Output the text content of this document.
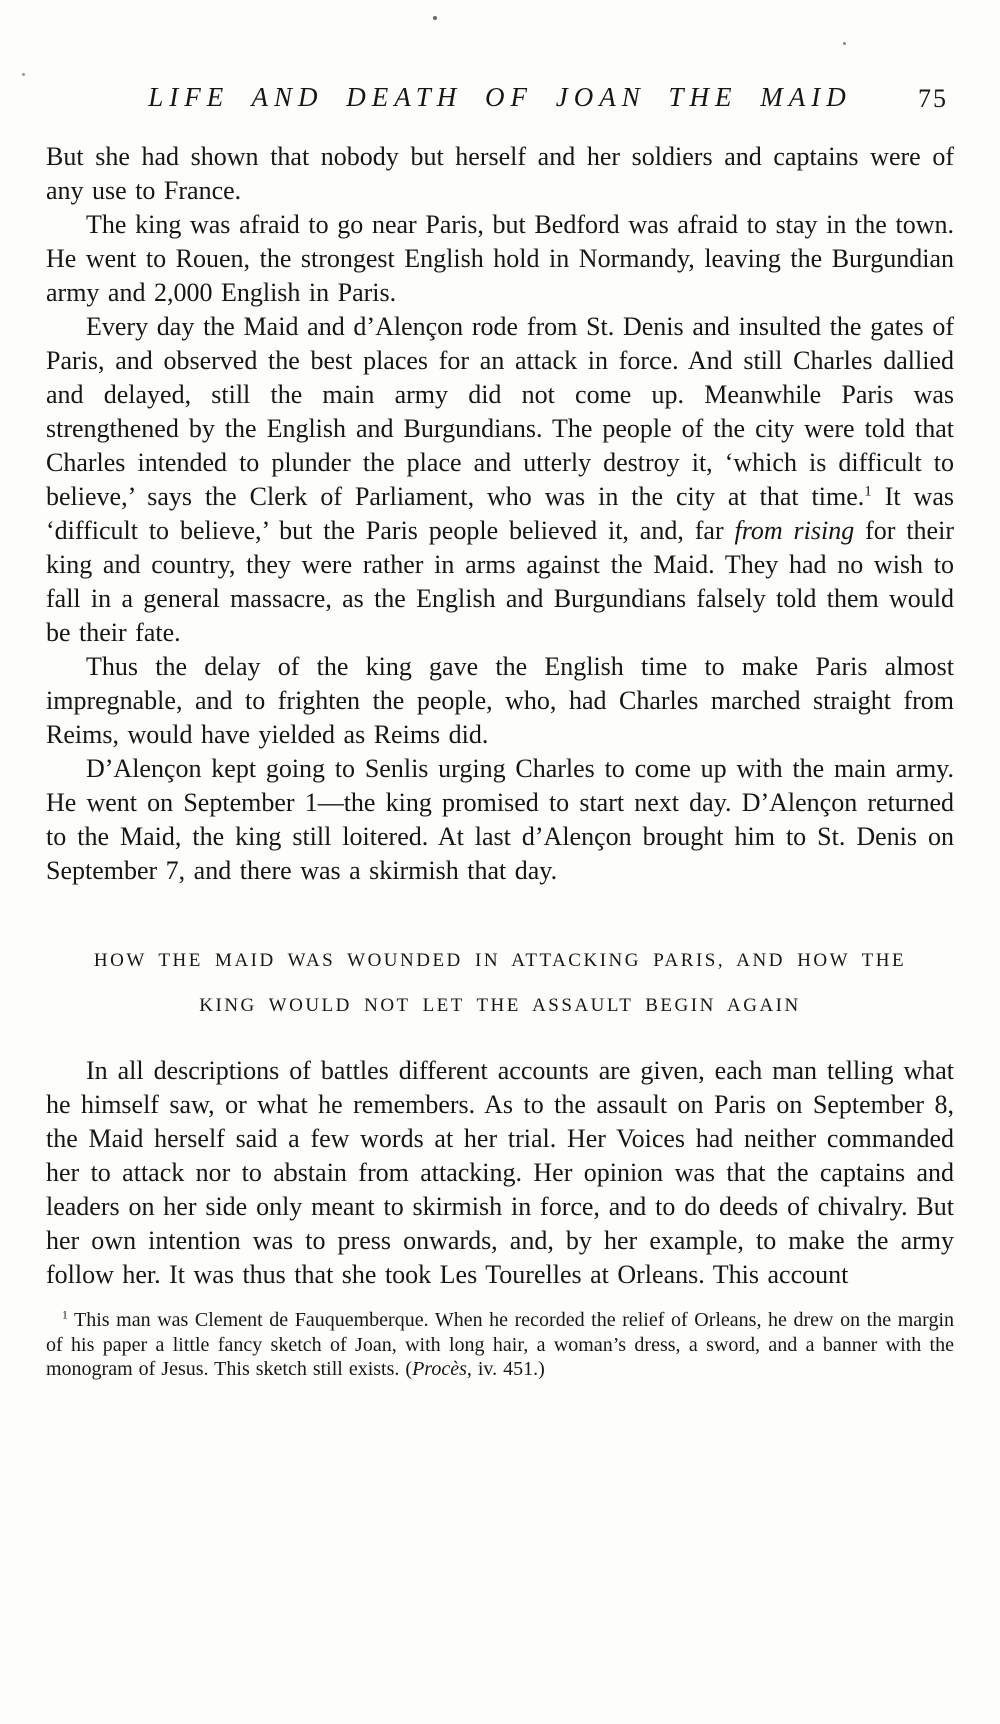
LIFE AND DEATH OF JOAN THE MAID	75

But she had shown that nobody but herself and her soldiers and captains were of any use to France.

The king was afraid to go near Paris, but Bedford was afraid to stay in the town. He went to Rouen, the strongest English hold in Normandy, leaving the Burgundian army and 2,000 English in Paris.

Every day the Maid and d’Alençon rode from St. Denis and insulted the gates of Paris, and observed the best places for an attack in force. And still Charles dallied and delayed, still the main army did not come up. Meanwhile Paris was strengthened by the English and Burgundians. The people of the city were told that Charles intended to plunder the place and utterly destroy it, ‘which is difficult to believe,’ says the Clerk of Parliament, who was in the city at that time.$^1$ It was ‘difficult to believe,’ but the Paris people believed it, and, far from rising for their king and country, they were rather in arms against the Maid. They had no wish to fall in a general massacre, as the English and Burgundians falsely told them would be their fate.

Thus the delay of the king gave the English time to make Paris almost impregnable, and to frighten the people, who, had Charles marched straight from Reims, would have yielded as Reims did.

D’Alençon kept going to Senlis urging Charles to come up with the main army. He went on September 1—the king promised to start next day. D’Alençon returned to the Maid, the king still loitered. At last d’Alençon brought him to St. Denis on September 7, and there was a skirmish that day.

HOW THE MAID WAS WOUNDED IN ATTACKING PARIS, AND HOW THE
KING WOULD NOT LET THE ASSAULT BEGIN AGAIN

In all descriptions of battles different accounts are given, each man telling what he himself saw, or what he remembers. As to the assault on Paris on September 8, the Maid herself said a few words at her trial. Her Voices had neither commanded her to attack nor to abstain from attacking. Her opinion was that the captains and leaders on her side only meant to skirmish in force, and to do deeds of chivalry. But her own intention was to press onwards, and, by her example, to make the army follow her. It was thus that she took Les Tourelles at Orleans. This account

$^1$ This man was Clement de Fauquemberque. When he recorded the relief of Orleans, he drew on the margin of his paper a little fancy sketch of Joan, with long hair, a woman’s dress, a sword, and a banner with the monogram of Jesus. This sketch still exists. (Procès, iv. 451.)
